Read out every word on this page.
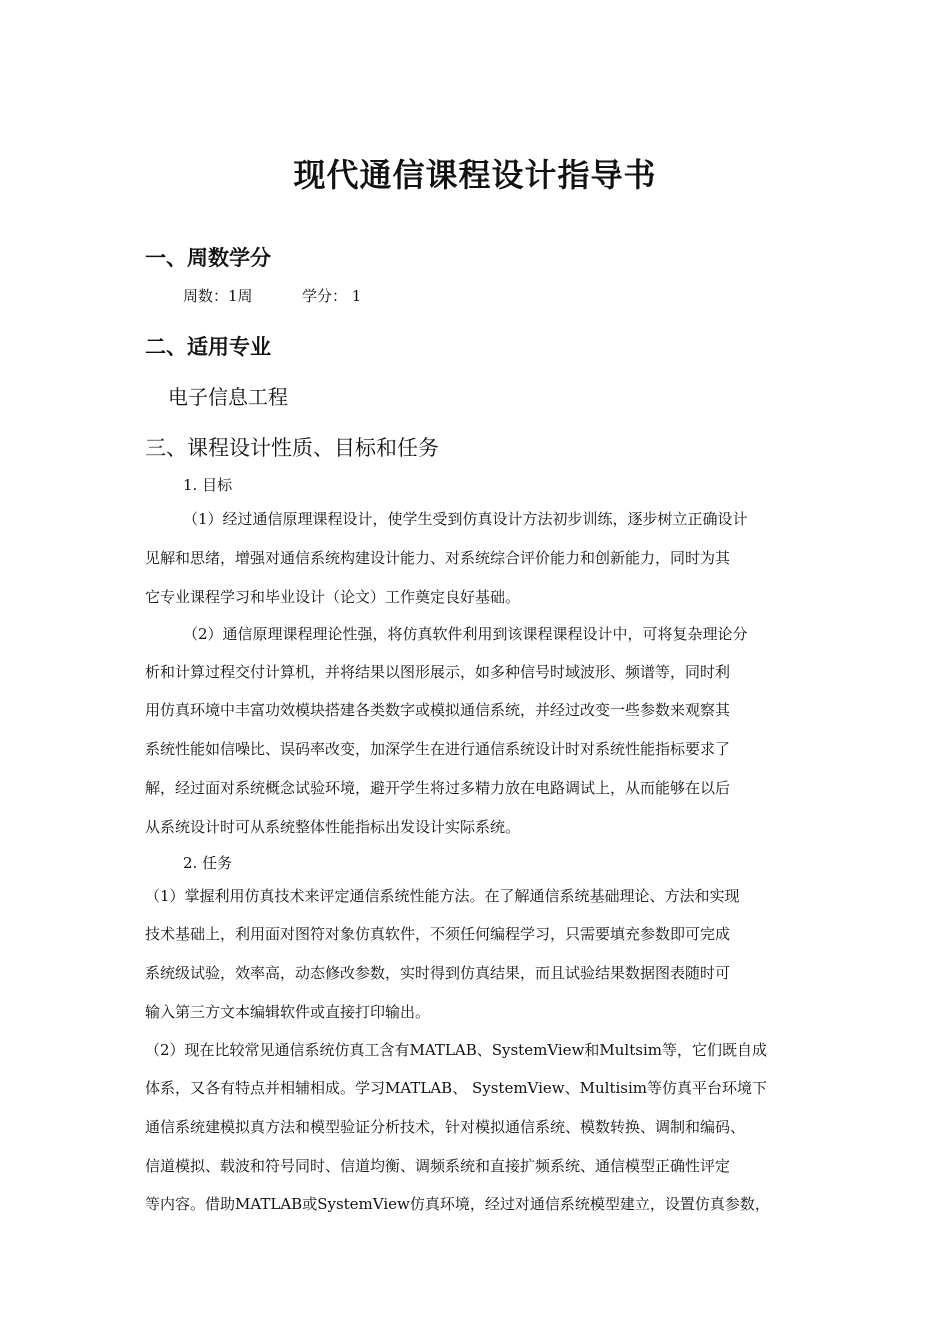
现代通信课程设计指导书
一、周数学分
周数：1周	学分： 1
二、适用专业
电子信息工程
三、课程设计性质、目标和任务
1. 目标
（1）经过通信原理课程设计，使学生受到仿真设计方法初步训练，逐步树立正确设计
见解和思绪，增强对通信系统构建设计能力、对系统综合评价能力和创新能力，同时为其
它专业课程学习和毕业设计（论文）工作奠定良好基础。
（2）通信原理课程理论性强，将仿真软件利用到该课程课程设计中，可将复杂理论分
析和计算过程交付计算机，并将结果以图形展示，如多种信号时域波形、频谱等，同时利
用仿真环境中丰富功效模块搭建各类数字或模拟通信系统，并经过改变一些参数来观察其
系统性能如信噪比、误码率改变，加深学生在进行通信系统设计时对系统性能指标要求了
解，经过面对系统概念试验环境，避开学生将过多精力放在电路调试上，从而能够在以后
从系统设计时可从系统整体性能指标出发设计实际系统。
2. 任务
（1）掌握利用仿真技术来评定通信系统性能方法。在了解通信系统基础理论、方法和实现
技术基础上，利用面对图符对象仿真软件，不须任何编程学习，只需要填充参数即可完成
系统级试验，效率高，动态修改参数，实时得到仿真结果，而且试验结果数据图表随时可
输入第三方文本编辑软件或直接打印输出。
（2）现在比较常见通信系统仿真工含有MATLAB、SystemView和Multsim等，它们既自成
体系，又各有特点并相辅相成。学习MATLAB、 SystemView、Multisim等仿真平台环境下
通信系统建模拟真方法和模型验证分析技术，针对模拟通信系统、模数转换、调制和编码、
信道模拟、载波和符号同时、信道均衡、调频系统和直接扩频系统、通信模型正确性评定
等内容。借助MATLAB或SystemView仿真环境，经过对通信系统模型建立，设置仿真参数，
